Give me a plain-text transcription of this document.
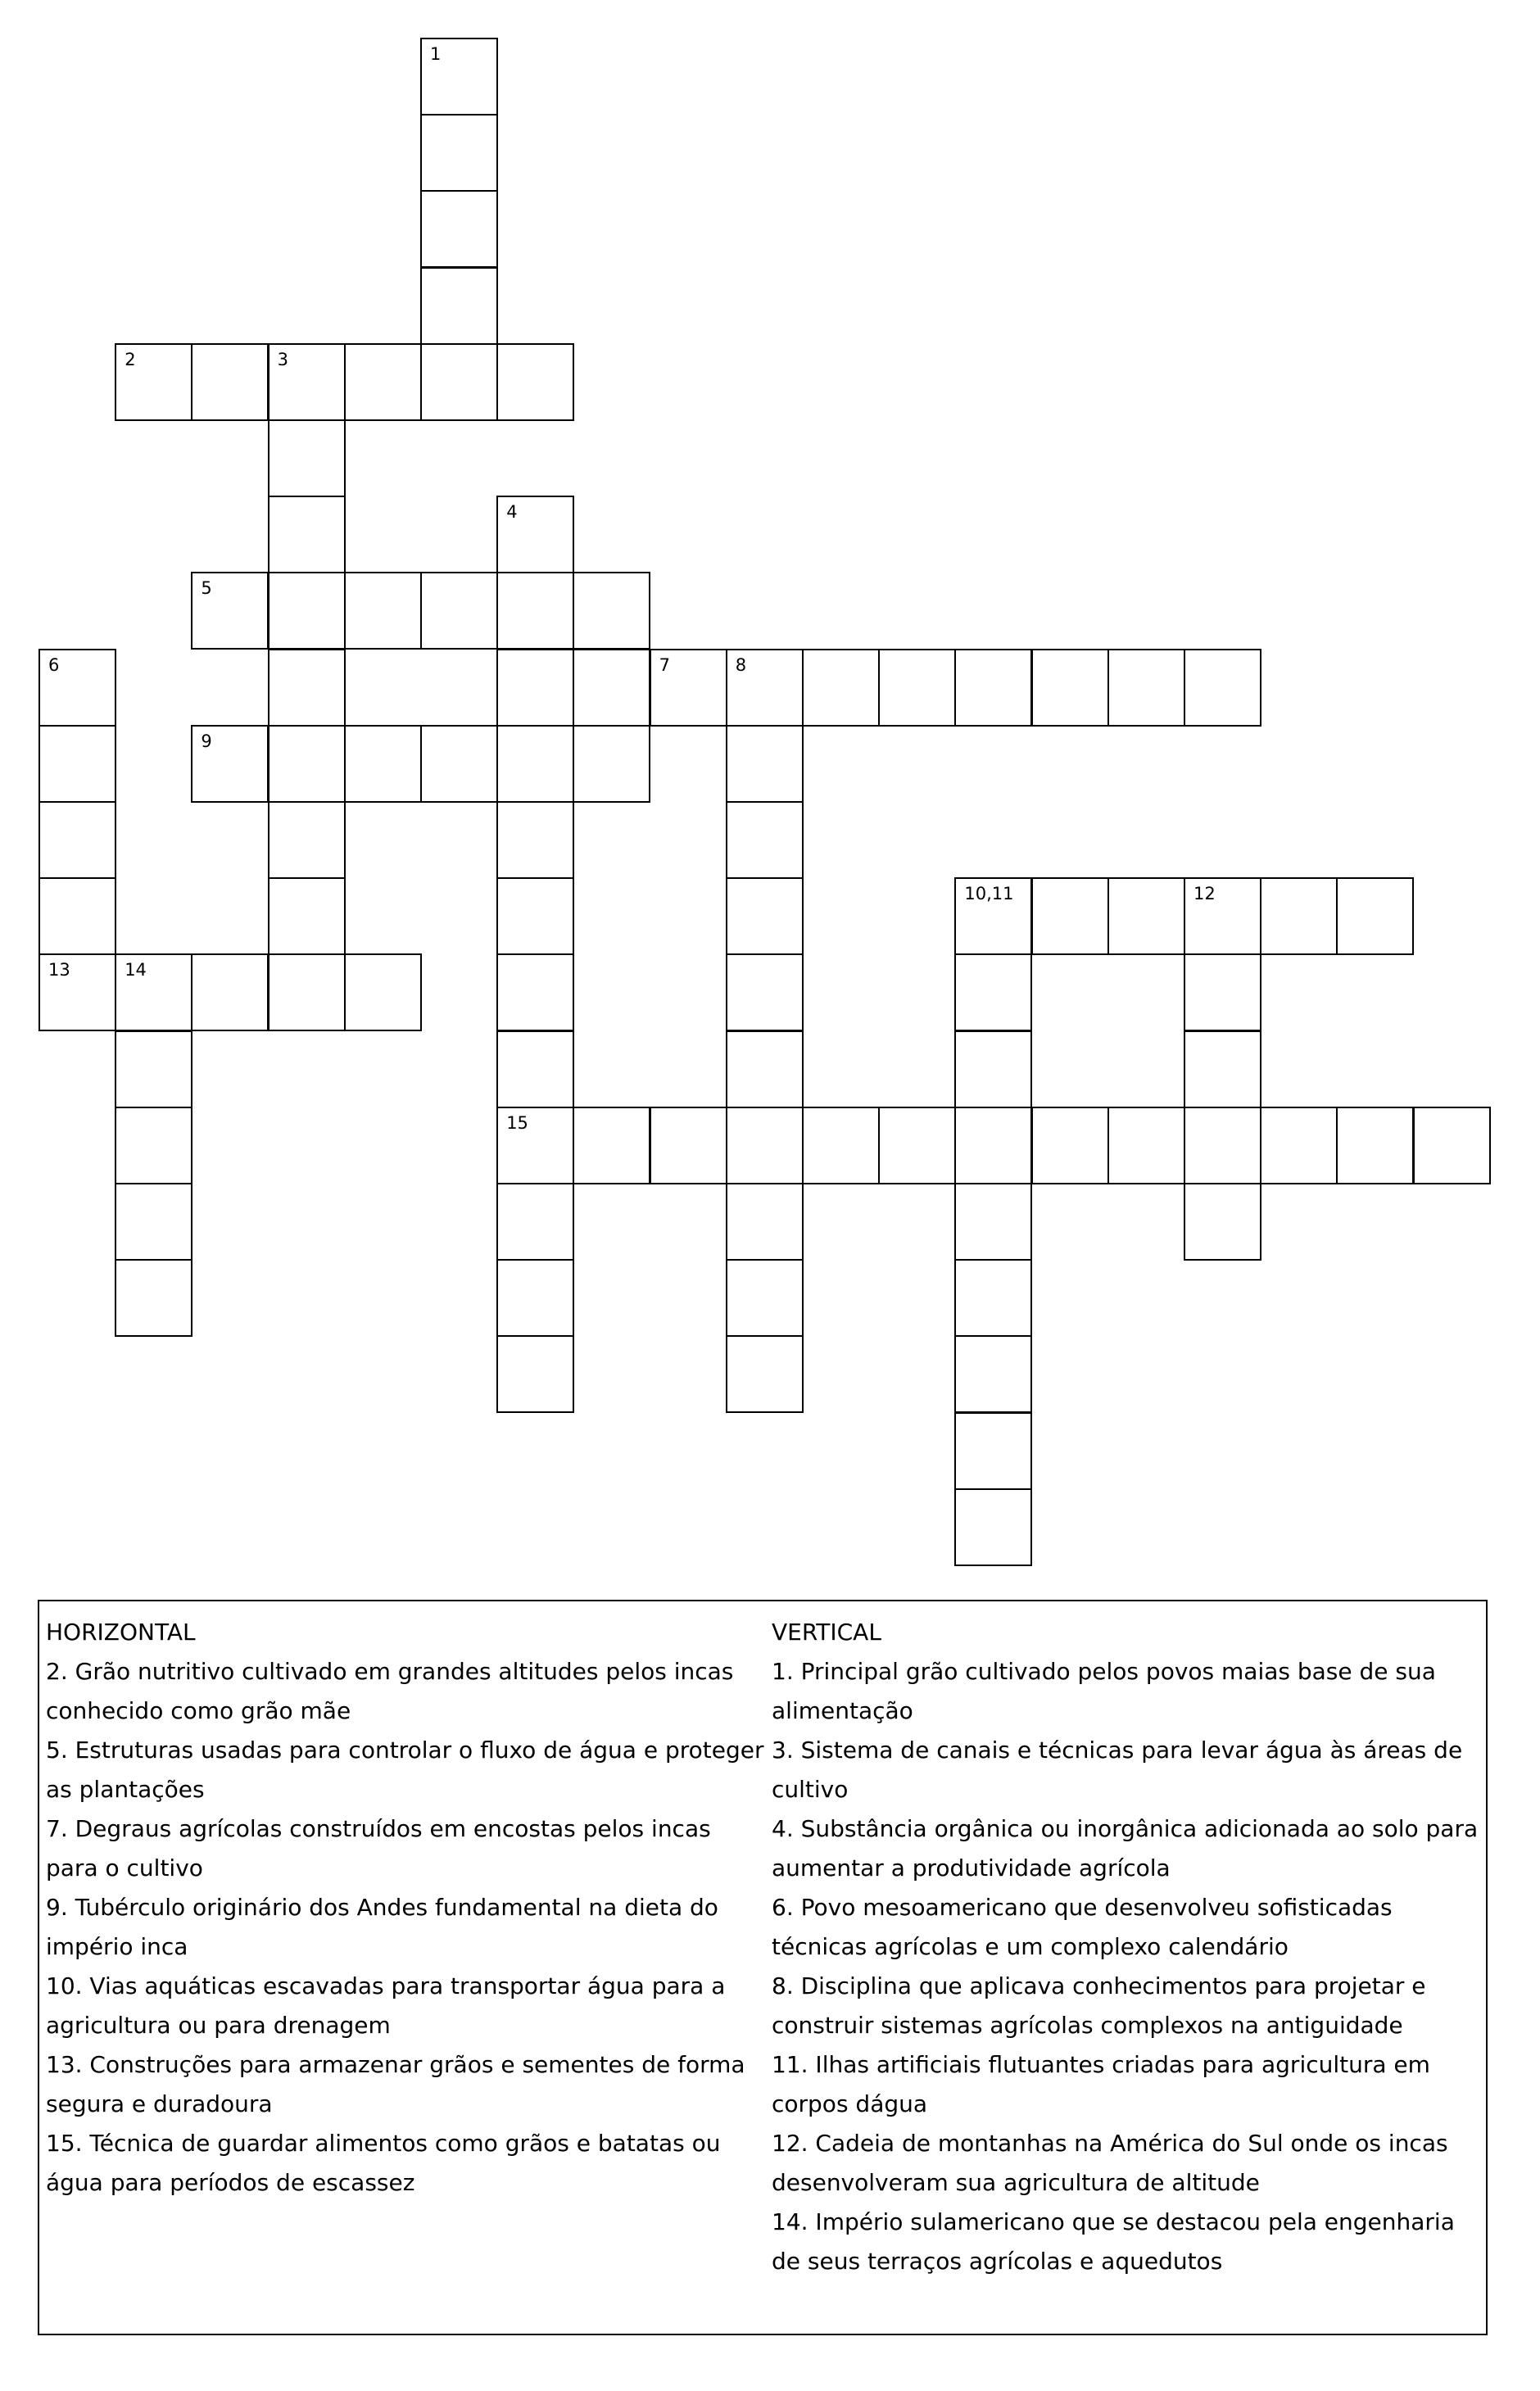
1
2	3
4
15
5
6
13
7	8
9
10,11	12
14
HORIZONTAL
2. Grão nutritivo cultivado em grandes altitudes pelos incas conhecido como grão mãe
5. Estruturas usadas para controlar o fluxo de água e proteger as plantações
7. Degraus agrícolas construídos em encostas pelos incas para o cultivo
9. Tubérculo originário dos Andes fundamental na dieta do império inca
10. Vias aquáticas escavadas para transportar água para a agricultura ou para drenagem
13. Construções para armazenar grãos e sementes de forma segura e duradoura
15. Técnica de guardar alimentos como grãos e batatas ou água para períodos de escassez
VERTICAL
1. Principal grão cultivado pelos povos maias base de sua alimentação
3. Sistema de canais e técnicas para levar água às áreas de cultivo
4. Substância orgânica ou inorgânica adicionada ao solo para aumentar a produtividade agrícola
6. Povo mesoamericano que desenvolveu sofisticadas técnicas agrícolas e um complexo calendário
8. Disciplina que aplicava conhecimentos para projetar e construir sistemas agrícolas complexos na antiguidade
11. Ilhas artificiais flutuantes criadas para agricultura em corpos dágua
12. Cadeia de montanhas na América do Sul onde os incas desenvolveram sua agricultura de altitude
14. Império sulamericano que se destacou pela engenharia de seus terraços agrícolas e aquedutos
